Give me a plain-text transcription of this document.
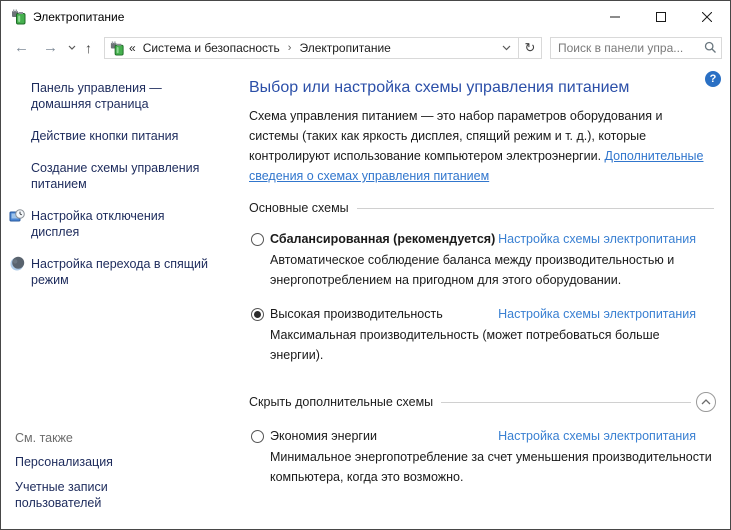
Электропитание
← →	↑	« Система и безопасность › Электропитание	↻
Поиск в панели упра...
Панель управления — домашняя страница
Действие кнопки питания
Создание схемы управления питанием
Настройка отключения дисплея
Настройка перехода в спящий режим
См. также
Персонализация
Учетные записи пользователей
?
Выбор или настройка схемы управления питанием

Схема управления питанием — это набор параметров оборудования и системы (таких как яркость дисплея, спящий режим и т. д.), которые контролируют использование компьютером электроэнергии. Дополнительные сведения о схемах управления питанием

Основные схемы
Сбалансированная (рекомендуется) Настройка схемы электропитания

Автоматическое соблюдение баланса между производительностью и энергопотреблением на пригодном для этого оборудовании.

Высокая производительность	Настройка схемы электропитания

Максимальная производительность (может потребоваться больше энергии).

Скрыть дополнительные схемы
Экономия энергии	Настройка схемы электропитания

Минимальное энергопотребление за счет уменьшения производительности компьютера, когда это возможно.
